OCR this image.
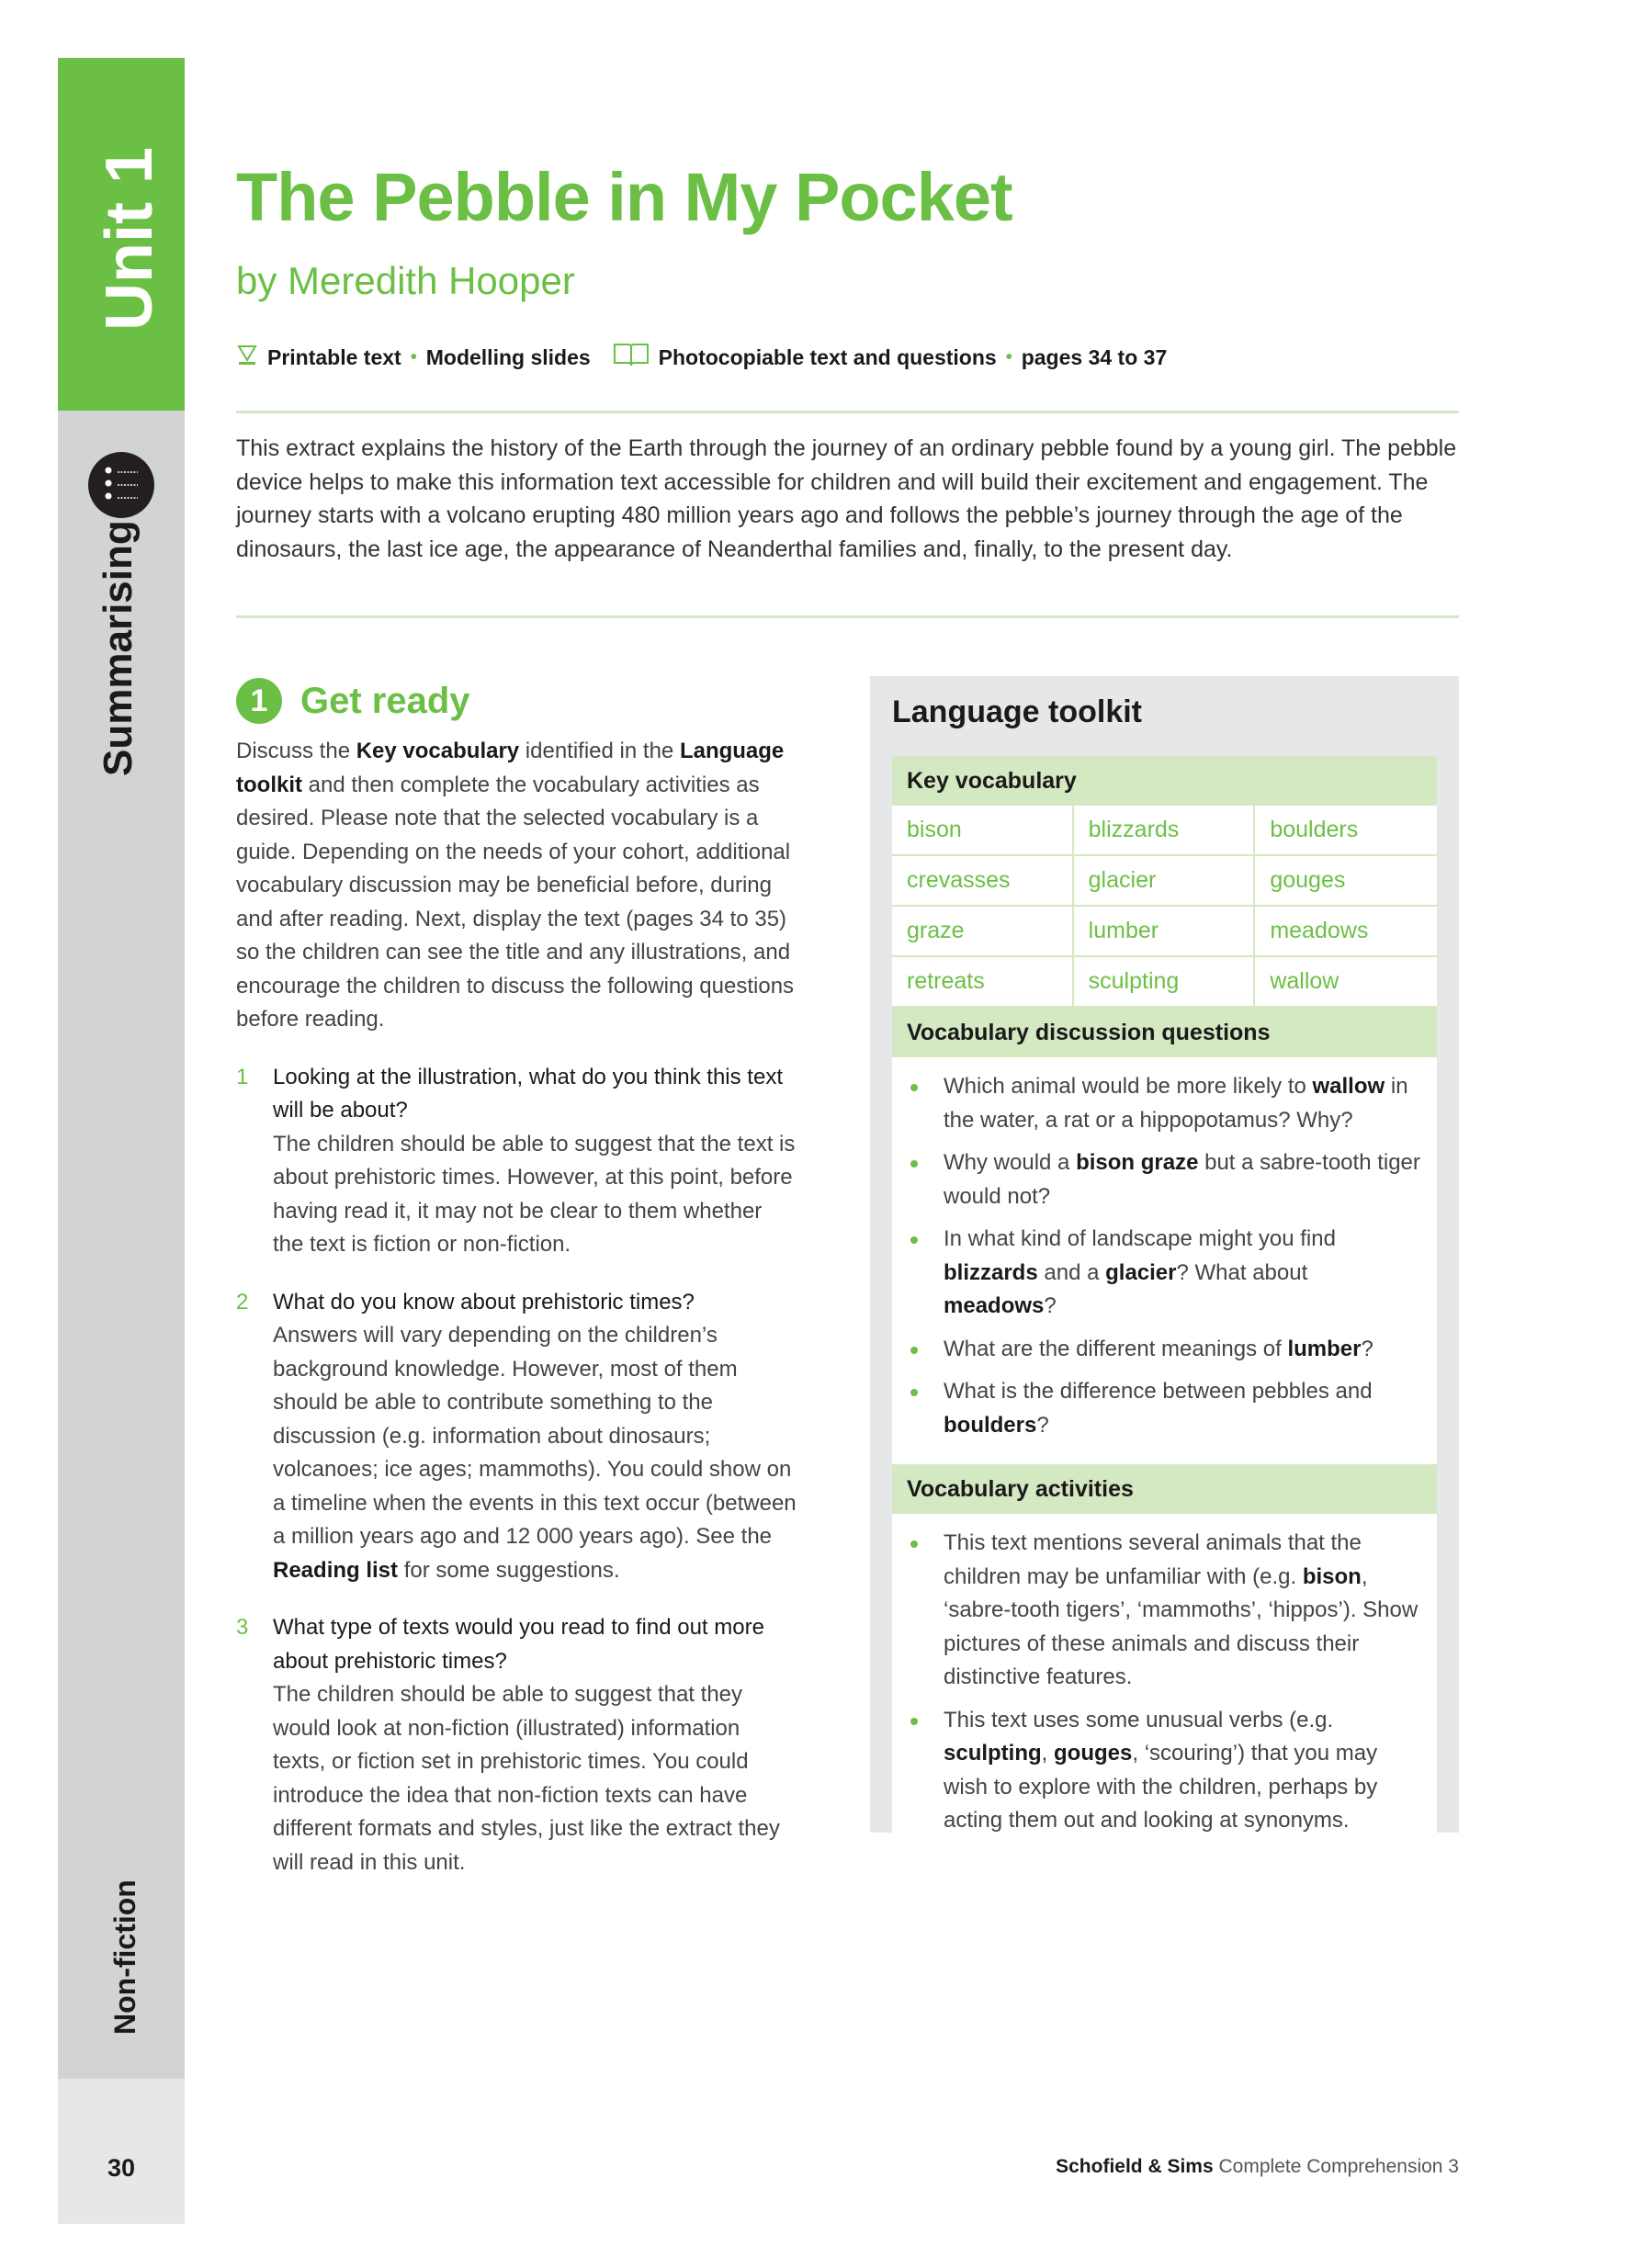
Unit 1
Summarising
Non-fiction
30
The Pebble in My Pocket
by Meredith Hooper
Printable text • Modelling slides	Photocopiable text and questions • pages 34 to 37
This extract explains the history of the Earth through the journey of an ordinary pebble found by a young girl. The pebble device helps to make this information text accessible for children and will build their excitement and engagement. The journey starts with a volcano erupting 480 million years ago and follows the pebble’s journey through the age of the dinosaurs, the last ice age, the appearance of Neanderthal families and, finally, to the present day.
1 Get ready

Discuss the Key vocabulary identified in the Language toolkit and then complete the vocabulary activities as desired. Please note that the selected vocabulary is a guide. Depending on the needs of your cohort, additional vocabulary discussion may be beneficial before, during and after reading. Next, display the text (pages 34 to 35) so the children can see the title and any illustrations, and encourage the children to discuss the following questions before reading.

1	Looking at the illustration, what do you think this text will be about?
The children should be able to suggest that the text is about prehistoric times. However, at this point, before having read it, it may not be clear to them whether the text is fiction or non-fiction.
2	What do you know about prehistoric times?
Answers will vary depending on the children’s background knowledge. However, most of them should be able to contribute something to the discussion (e.g. information about dinosaurs; volcanoes; ice ages; mammoths). You could show on a timeline when the events in this text occur (between a million years ago and 12 000 years ago). See the Reading list for some suggestions.
3	What type of texts would you read to find out more about prehistoric times?
The children should be able to suggest that they would look at non-fiction (illustrated) information texts, or fiction set in prehistoric times. You could introduce the idea that non-fiction texts can have different formats and styles, just like the extract they will read in this unit.
Language toolkit
Key vocabulary
bison	blizzards	boulders
crevasses	glacier	gouges
graze	lumber	meadows
retreats	sculpting	wallow
Vocabulary discussion questions
Which animal would be more likely to wallow in the water, a rat or a hippopotamus? Why?
Why would a bison graze but a sabre-tooth tiger would not?
In what kind of landscape might you find blizzards and a glacier? What about meadows?
What are the different meanings of lumber?
What is the difference between pebbles and boulders?
Vocabulary activities
This text mentions several animals that the children may be unfamiliar with (e.g. bison, ‘sabre-tooth tigers’, ‘mammoths’, ‘hippos’). Show pictures of these animals and discuss their distinctive features.
This text uses some unusual verbs (e.g. sculpting, gouges, ‘scouring’) that you may wish to explore with the children, perhaps by acting them out and looking at synonyms.
Schofield & Sims Complete Comprehension 3
